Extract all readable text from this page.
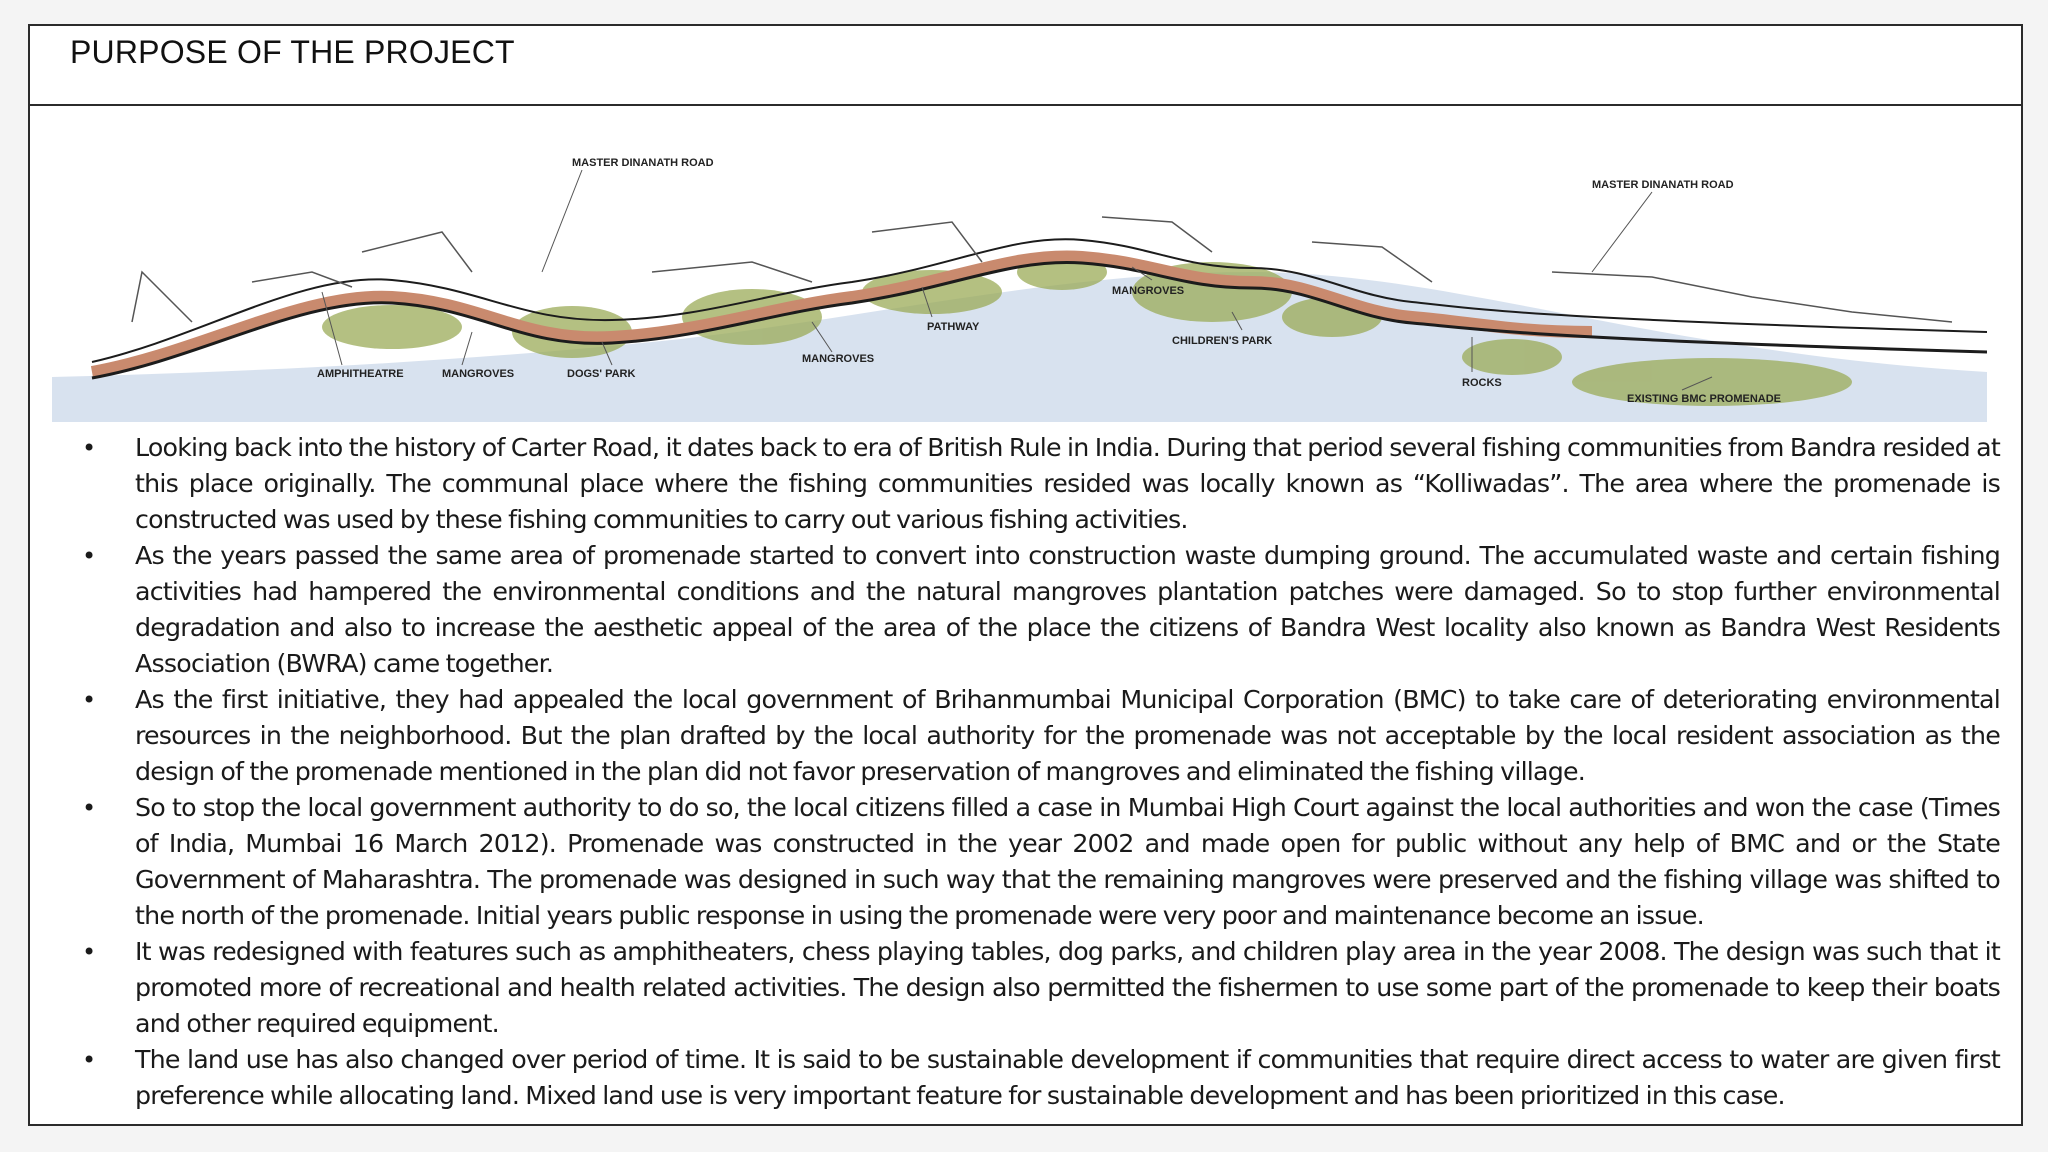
PURPOSE OF THE PROJECT
MASTER DINANATH ROAD
MASTER DINANATH ROAD
AMPHITHEATRE	MANGROVES	DOGS' PARK
MANGROVES
PATHWAY
MANGROVES
CHILDREN'S PARK
ROCKS
EXISTING BMC PROMENADE
• Looking back into the history of Carter Road, it dates back to era of British Rule in India. During that period several fishing communities from Bandra resided at this place originally. The communal place where the fishing communities resided was locally known as “Kolliwadas”. The area where the promenade is constructed was used by these fishing communities to carry out various fishing activities.
• As the years passed the same area of promenade started to convert into construction waste dumping ground. The accumulated waste and certain fishing activities had hampered the environmental conditions and the natural mangroves plantation patches were damaged. So to stop further environmental degradation and also to increase the aesthetic appeal of the area of the place the citizens of Bandra West locality also known as Bandra West Residents Association (BWRA) came together.
• As the first initiative, they had appealed the local government of Brihanmumbai Municipal Corporation (BMC) to take care of deteriorating environmental resources in the neighborhood. But the plan drafted by the local authority for the promenade was not acceptable by the local resident association as the design of the promenade mentioned in the plan did not favor preservation of mangroves and eliminated the fishing village.
• So to stop the local government authority to do so, the local citizens filled a case in Mumbai High Court against the local authorities and won the case (Times of India, Mumbai 16 March 2012). Promenade was constructed in the year 2002 and made open for public without any help of BMC and or the State Government of Maharashtra. The promenade was designed in such way that the remaining mangroves were preserved and the fishing village was shifted to the north of the promenade. Initial years public response in using the promenade were very poor and maintenance become an issue.
• It was redesigned with features such as amphitheaters, chess playing tables, dog parks, and children play area in the year 2008. The design was such that it promoted more of recreational and health related activities. The design also permitted the fishermen to use some part of the promenade to keep their boats and other required equipment.
• The land use has also changed over period of time. It is said to be sustainable development if communities that require direct access to water are given first preference while allocating land. Mixed land use is very important feature for sustainable development and has been prioritized in this case.
